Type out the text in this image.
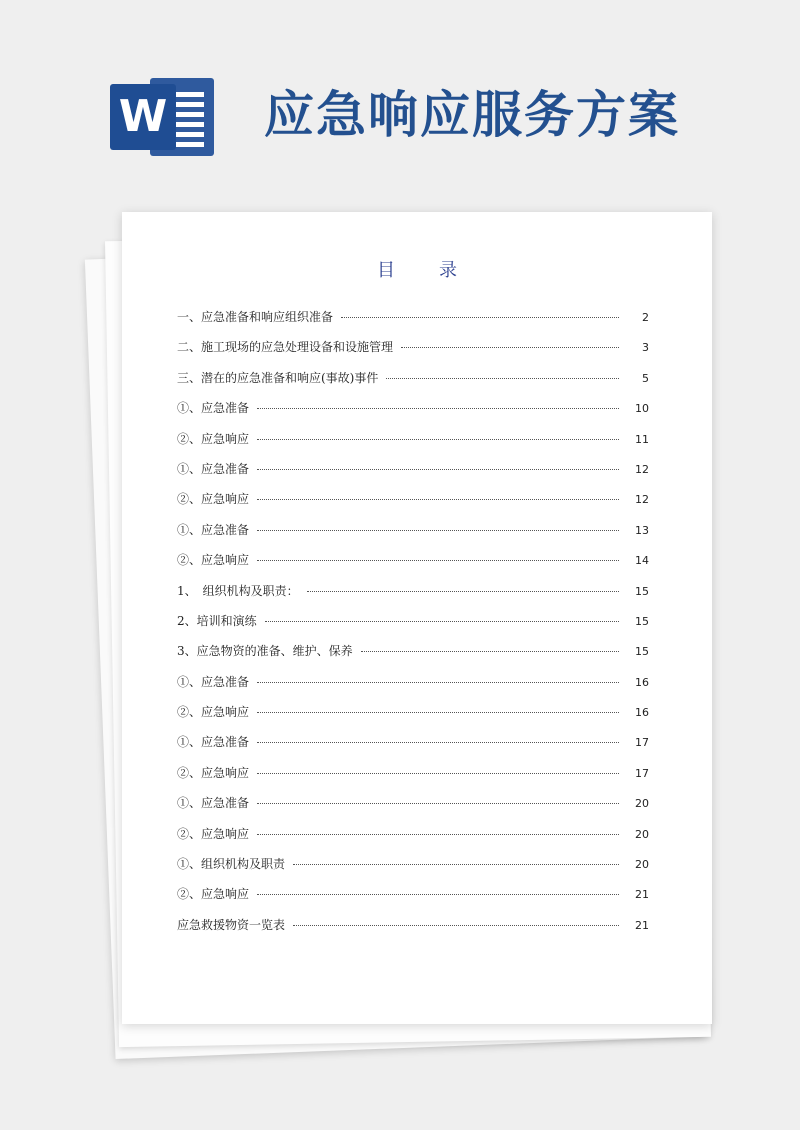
W 应急响应服务方案
目 录
一、应急准备和响应组织准备	2
二、施工现场的应急处理设备和设施管理	3
三、潜在的应急准备和响应(事故)事件	5
①、应急准备	10
②、应急响应	11
①、应急准备	12
②、应急响应	12
①、应急准备	13
②、应急响应	14
1、　组织机构及职责：	15
2、培训和演练	15
3、应急物资的准备、维护、保养	15
①、应急准备	16
②、应急响应	16
①、应急准备	17
②、应急响应	17
①、应急准备	20
②、应急响应	20
①、组织机构及职责	20
②、应急响应	21
应急救援物资一览表	21
